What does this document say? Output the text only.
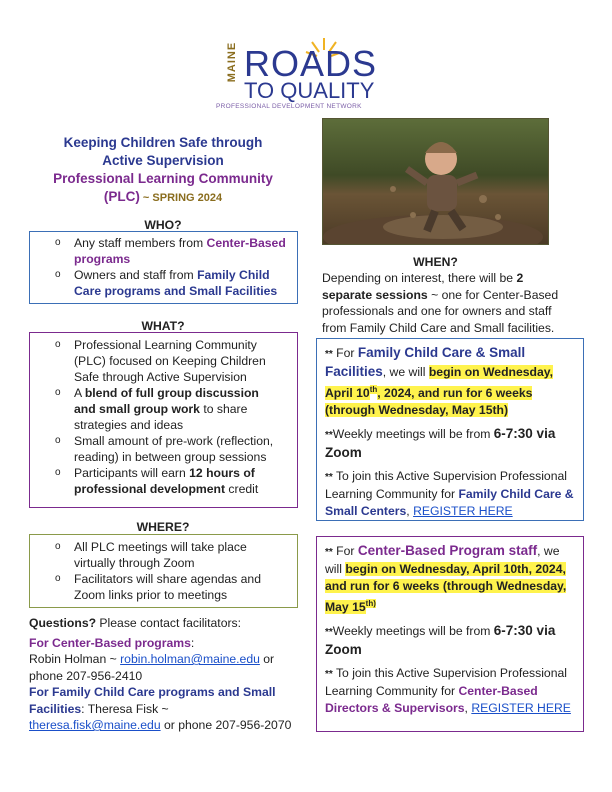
MAINE ROADS
TO QUALITY
PROFESSIONAL DEVELOPMENT NETWORK
Keeping Children Safe through
Active Supervision
Professional Learning Community
(PLC) ~ SPRING 2024
WHO?
o Any staff members from Center-Based programs
o Owners and staff from Family Child Care programs and Small Facilities
WHAT?
o Professional Learning Community (PLC) focused on Keeping Children Safe through Active Supervision
o A blend of full group discussion and small group work to share strategies and ideas
o Small amount of pre-work (reflection, reading) in between group sessions
o Participants will earn 12 hours of professional development credit
WHERE?
o All PLC meetings will take place virtually through Zoom
o Facilitators will share agendas and Zoom links prior to meetings
Questions? Please contact facilitators:
For Center-Based programs:
Robin Holman ~ robin.holman@maine.edu or phone 207-956-2410
For Family Child Care programs and Small Facilities: Theresa Fisk ~ theresa.fisk@maine.edu or phone 207-956-2070
WHEN?
Depending on interest, there will be 2 separate sessions ~ one for Center-Based professionals and one for owners and staff from Family Child Care and Small facilities.
** For Family Child Care & Small Facilities, we will begin on Wednesday, April 10th, 2024, and run for 6 weeks (through Wednesday, May 15th)
**Weekly meetings will be from 6-7:30 via Zoom
** To join this Active Supervision Professional Learning Community for Family Child Care & Small Centers, REGISTER HERE
** For Center-Based Program staff, we will begin on Wednesday, April 10th, 2024, and run for 6 weeks (through Wednesday, May $15^{th)}$
**Weekly meetings will be from 6-7:30 via Zoom
** To join this Active Supervision Professional Learning Community for Center-Based Directors & Supervisors, REGISTER HERE
